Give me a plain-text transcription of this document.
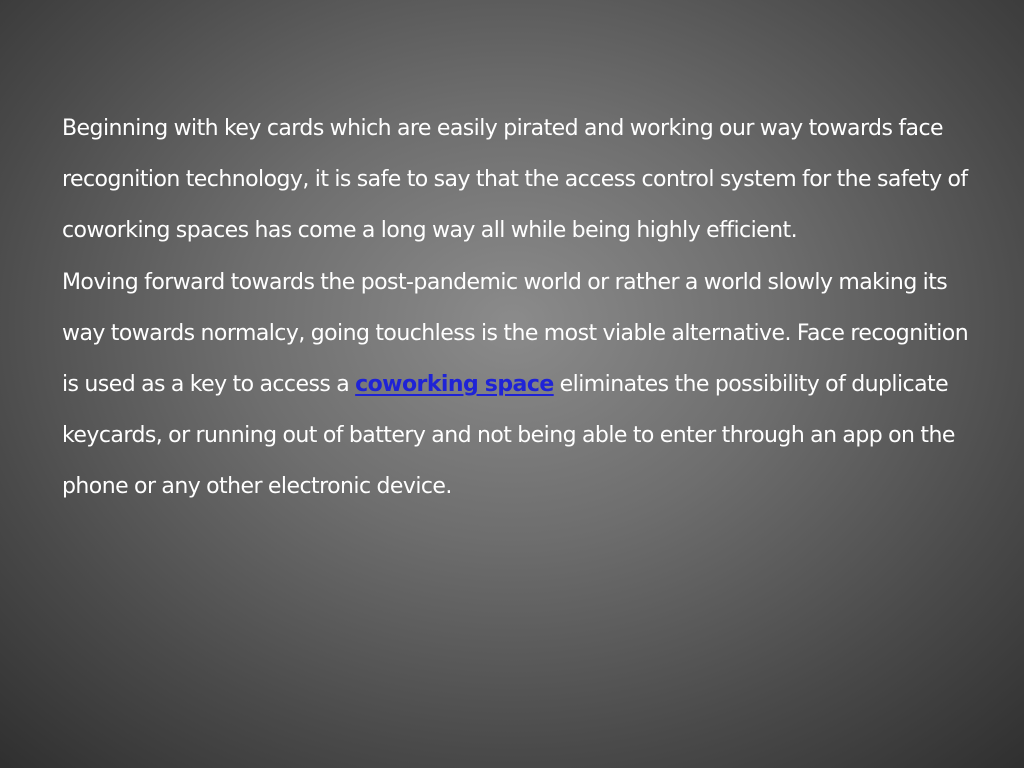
Beginning with key cards which are easily pirated and working our way towards face recognition technology, it is safe to say that the access control system for the safety of coworking spaces has come a long way all while being highly efficient.

Moving forward towards the post-pandemic world or rather a world slowly making its way towards normalcy, going touchless is the most viable alternative. Face recognition is used as a key to access a coworking space eliminates the possibility of duplicate keycards, or running out of battery and not being able to enter through an app on the phone or any other electronic device.
